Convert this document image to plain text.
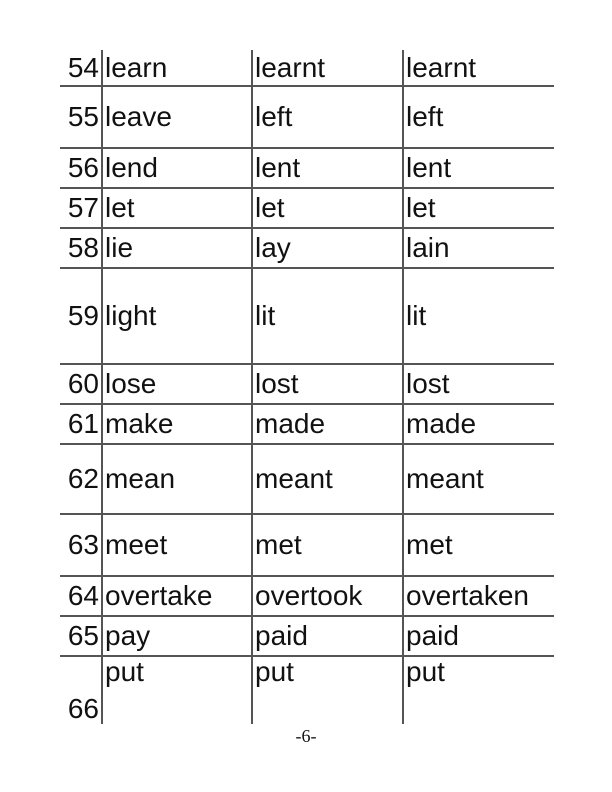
54	learn	learnt	learnt
55	leave	left	left
56	lend	lent	lent
57	let	let	let
58	lie	lay	lain
59	light	lit	lit
60	lose	lost	lost
61	make	made	made
62	mean	meant	meant
63	meet	met	met
64	overtake	overtook	overtaken
65	pay	paid	paid
66	put	put	put
-6-
